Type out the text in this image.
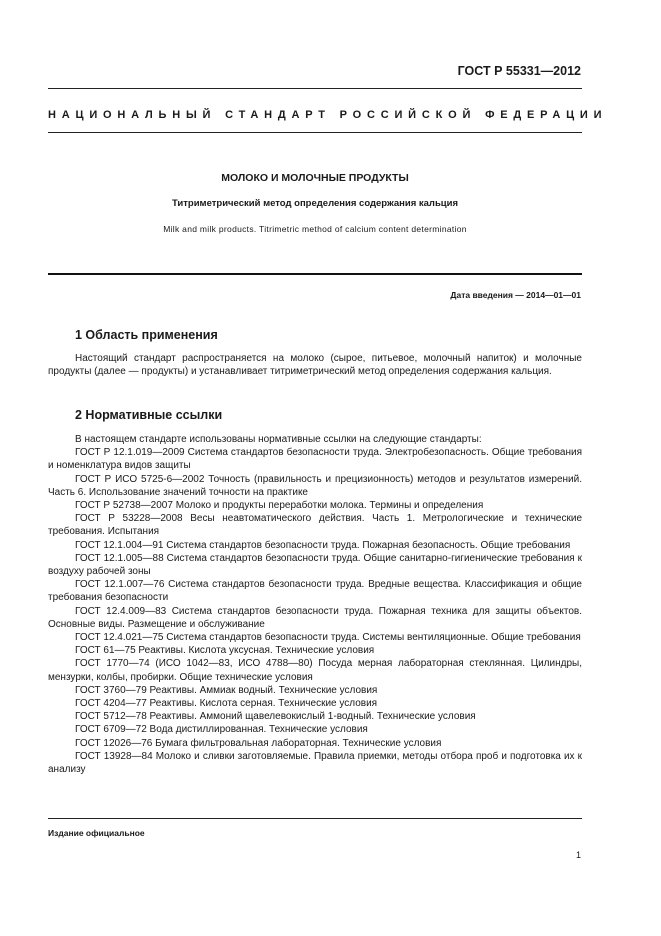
ГОСТ Р 55331—2012
НАЦИОНАЛЬНЫЙ СТАНДАРТ РОССИЙСКОЙ ФЕДЕРАЦИИ
МОЛОКО И МОЛОЧНЫЕ ПРОДУКТЫ
Титриметрический метод определения содержания кальция
Milk and milk products. Titrimetric method of calcium content determination
Дата введения — 2014—01—01
1 Область применения

Настоящий стандарт распространяется на молоко (сырое, питьевое, молочный напиток) и молочные продукты (далее — продукты) и устанавливает титриметрический метод определения содержания кальция.

2 Нормативные ссылки

В настоящем стандарте использованы нормативные ссылки на следующие стандарты:

ГОСТ Р 12.1.019—2009 Система стандартов безопасности труда. Электробезопасность. Общие требования и номенклатура видов защиты

ГОСТ Р ИСО 5725-6—2002 Точность (правильность и прецизионность) методов и результатов измерений. Часть 6. Использование значений точности на практике

ГОСТ Р 52738—2007 Молоко и продукты переработки молока. Термины и определения

ГОСТ Р 53228—2008 Весы неавтоматического действия. Часть 1. Метрологические и технические требования. Испытания

ГОСТ 12.1.004—91 Система стандартов безопасности труда. Пожарная безопасность. Общие требования

ГОСТ 12.1.005—88 Система стандартов безопасности труда. Общие санитарно-гигиенические требования к воздуху рабочей зоны

ГОСТ 12.1.007—76 Система стандартов безопасности труда. Вредные вещества. Классификация и общие требования безопасности

ГОСТ 12.4.009—83 Система стандартов безопасности труда. Пожарная техника для защиты объектов. Основные виды. Размещение и обслуживание

ГОСТ 12.4.021—75 Система стандартов безопасности труда. Системы вентиляционные. Общие требования

ГОСТ 61—75 Реактивы. Кислота уксусная. Технические условия

ГОСТ 1770—74 (ИСО 1042—83, ИСО 4788—80) Посуда мерная лабораторная стеклянная. Цилиндры, мензурки, колбы, пробирки. Общие технические условия

ГОСТ 3760—79 Реактивы. Аммиак водный. Технические условия

ГОСТ 4204—77 Реактивы. Кислота серная. Технические условия

ГОСТ 5712—78 Реактивы. Аммоний щавелевокислый 1-водный. Технические условия

ГОСТ 6709—72 Вода дистиллированная. Технические условия

ГОСТ 12026—76 Бумага фильтровальная лабораторная. Технические условия

ГОСТ 13928—84 Молоко и сливки заготовляемые. Правила приемки, методы отбора проб и подготовка их к анализу

Издание официальное
1
